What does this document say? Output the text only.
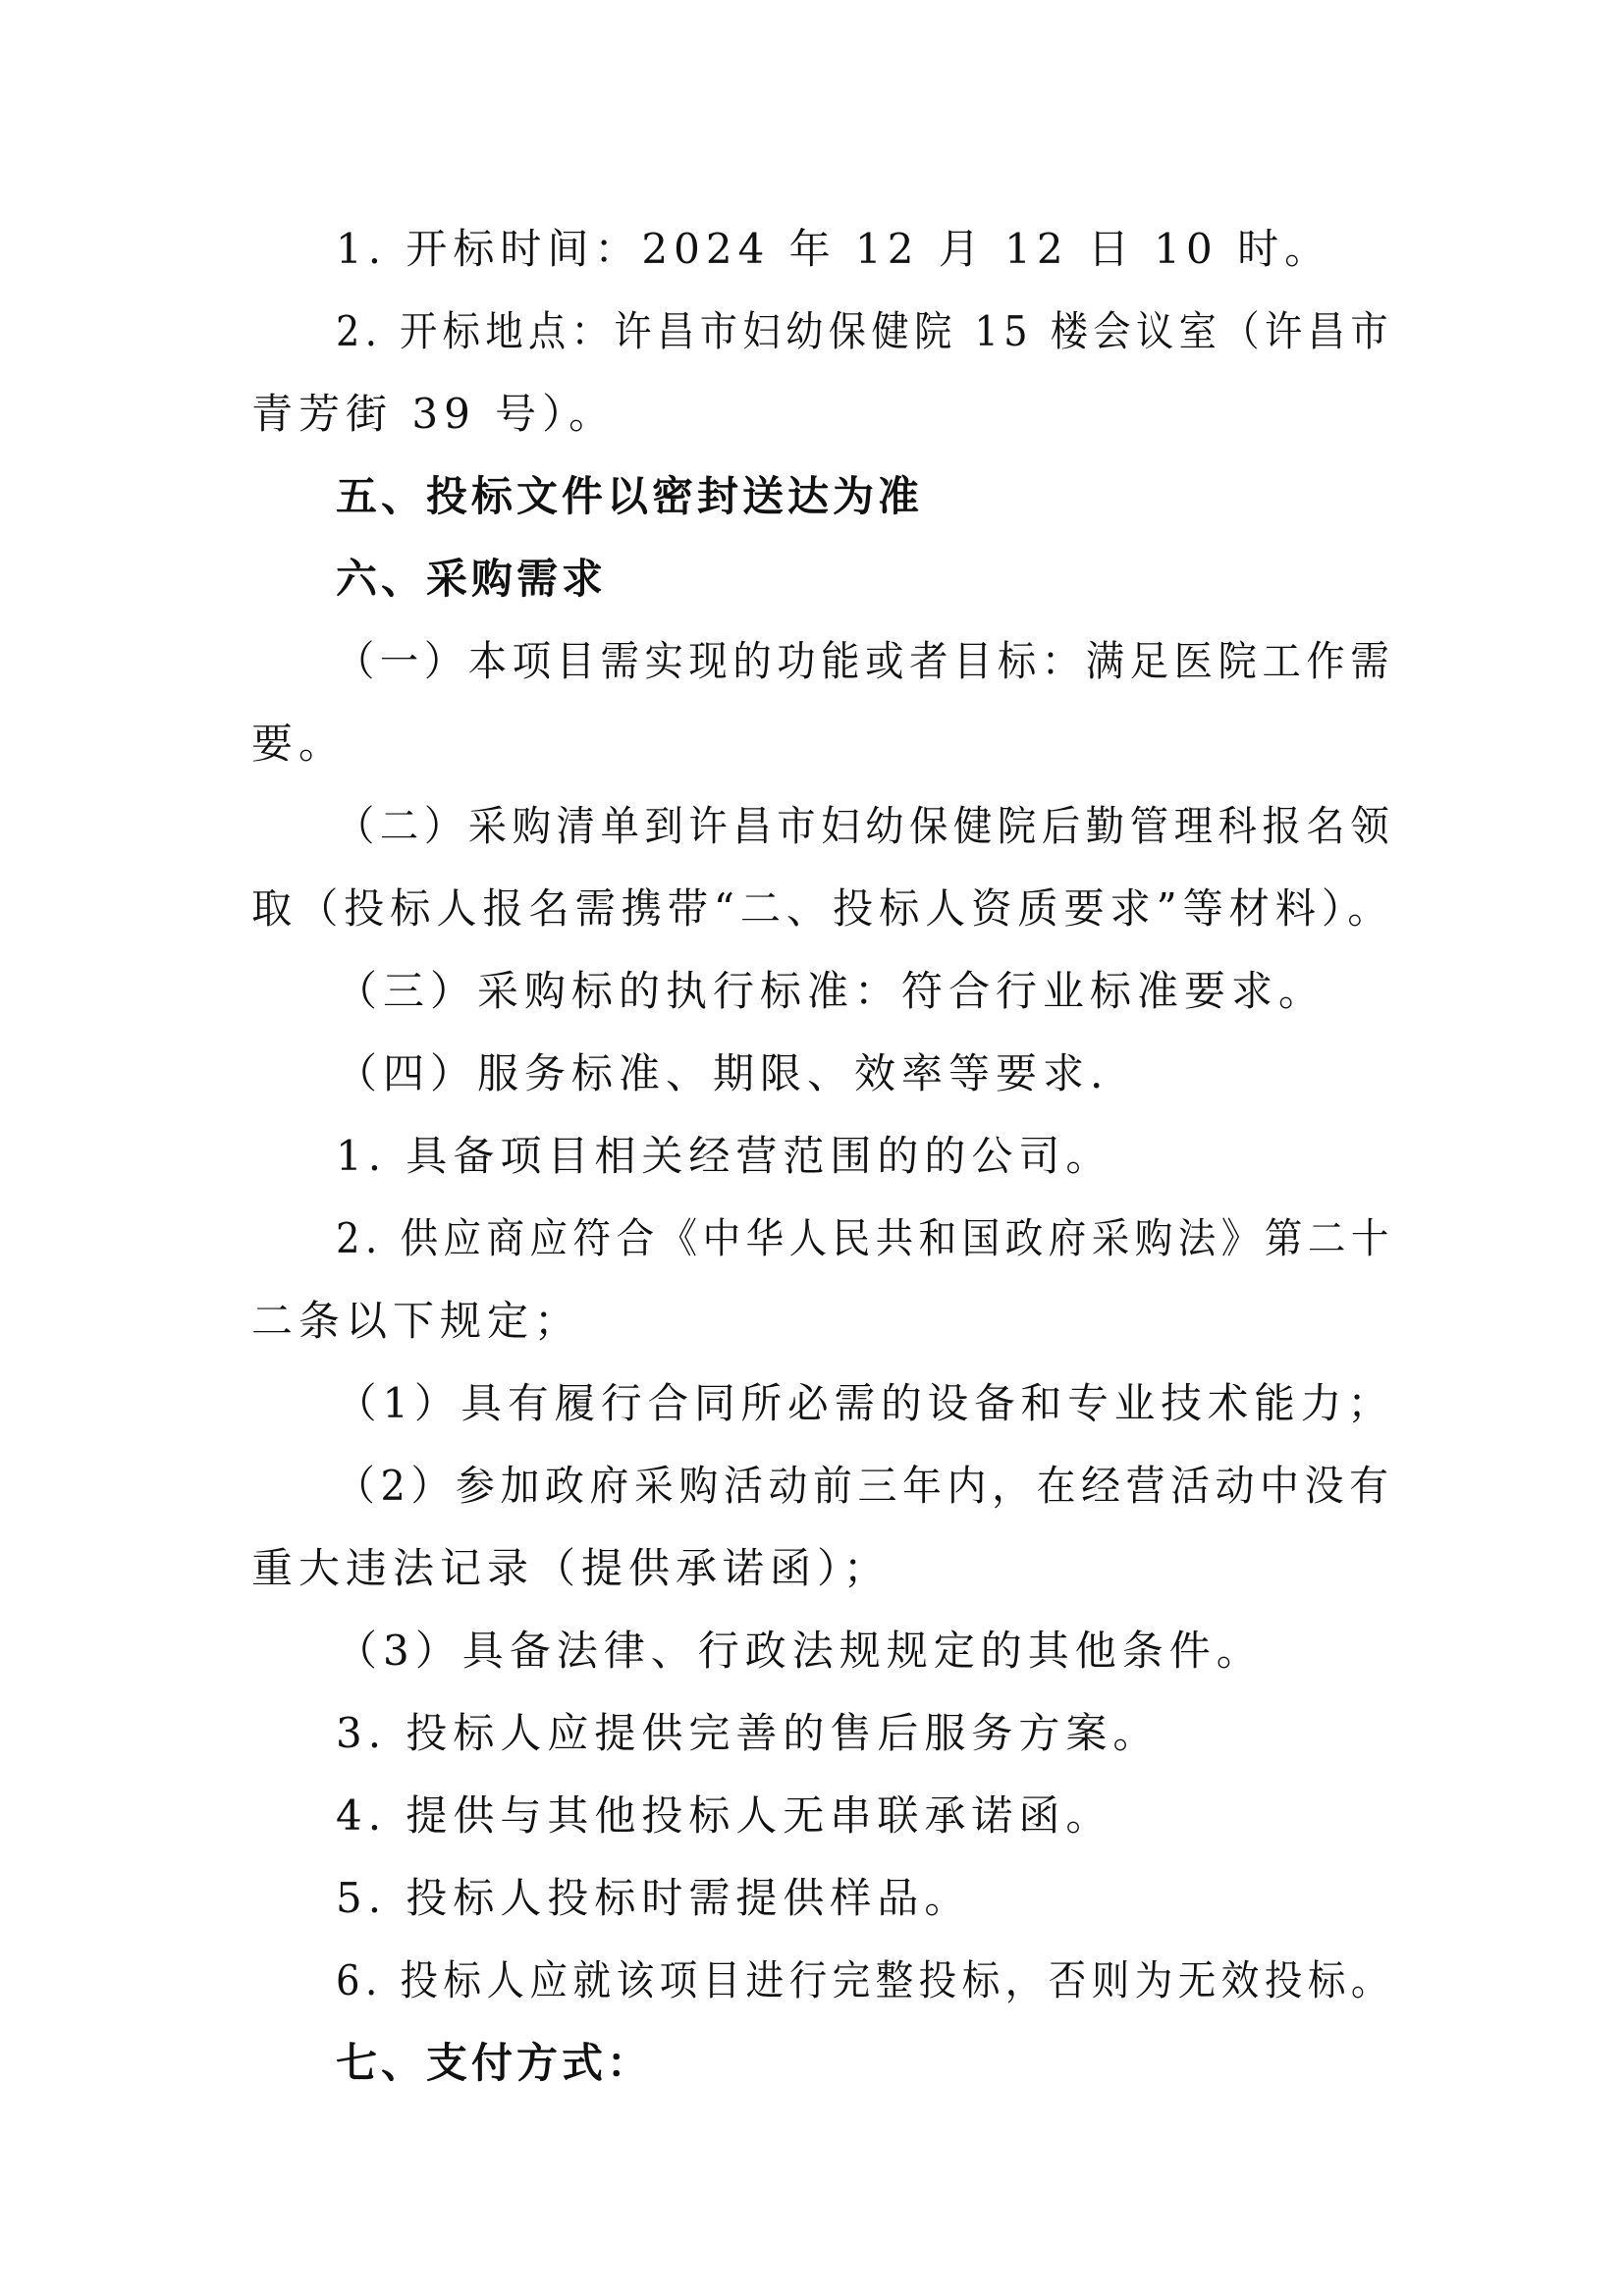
1. 开标时间：2024 年 12 月 12 日 10 时。
2. 开标地点：许昌市妇幼保健院 15 楼会议室（许昌市
青芳街 39 号）。
五、投标文件以密封送达为准
六、采购需求
（一）本项目需实现的功能或者目标：满足医院工作需
要。
（二）采购清单到许昌市妇幼保健院后勤管理科报名领
取（投标人报名需携带“二、投标人资质要求”等材料）。
（三）采购标的执行标准：符合行业标准要求。
（四）服务标准、期限、效率等要求.
1. 具备项目相关经营范围的的公司。
2. 供应商应符合《中华人民共和国政府采购法》第二十
二条以下规定；
（1）具有履行合同所必需的设备和专业技术能力；
（2）参加政府采购活动前三年内，在经营活动中没有
重大违法记录（提供承诺函）；
（3）具备法律、行政法规规定的其他条件。
3. 投标人应提供完善的售后服务方案。
4. 提供与其他投标人无串联承诺函。
5. 投标人投标时需提供样品。
6. 投标人应就该项目进行完整投标，否则为无效投标。
七、支付方式：
